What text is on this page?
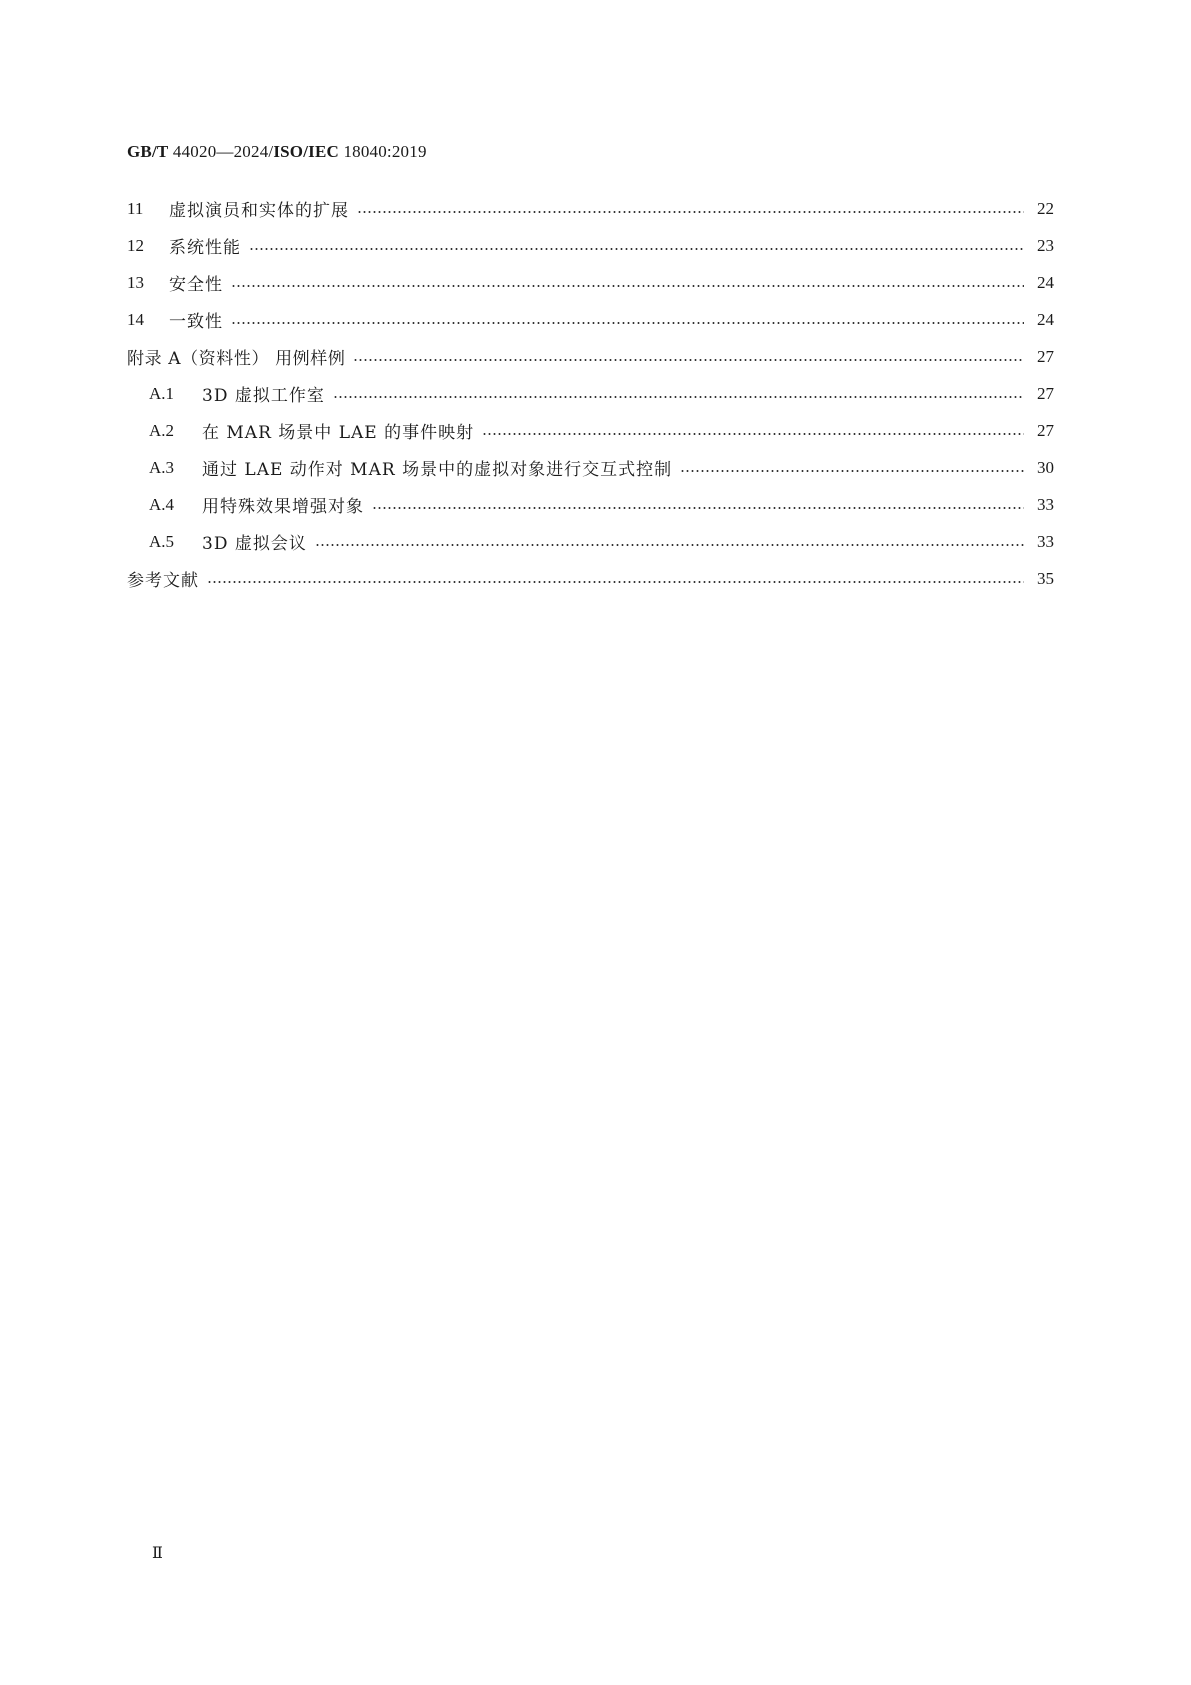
GB/T 44020—2024/ISO/IEC 18040:2019
11	虚拟演员和实体的扩展	22
12	系统性能	23
13	安全性	24
14	一致性	24
附录 A（资料性） 用例样例	27
A.1	3D 虚拟工作室	27
A.2	在 MAR 场景中 LAE 的事件映射	27
A.3	通过 LAE 动作对 MAR 场景中的虚拟对象进行交互式控制	30
A.4	用特殊效果增强对象	33
A.5	3D 虚拟会议	33
参考文献	35
Ⅱ
